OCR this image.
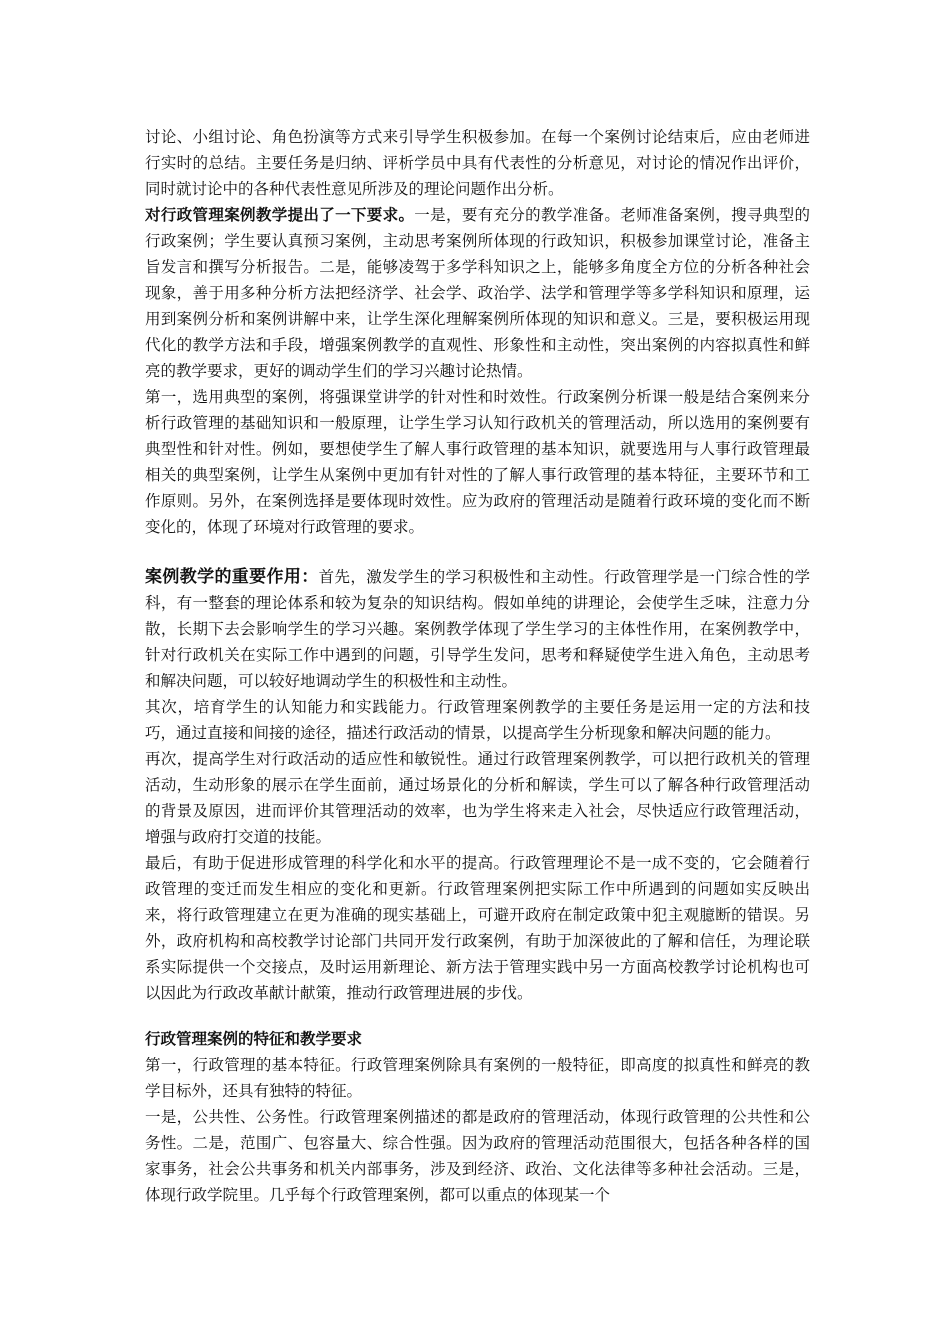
讨论、小组讨论、角色扮演等方式来引导学生积极参加。在每一个案例讨论结束后，应由老师进行实时的总结。主要任务是归纳、评析学员中具有代表性的分析意见，对讨论的情况作出评价，同时就讨论中的各种代表性意见所涉及的理论问题作出分析。

对行政管理案例教学提出了一下要求。一是，要有充分的教学准备。老师准备案例，搜寻典型的行政案例；学生要认真预习案例，主动思考案例所体现的行政知识，积极参加课堂讨论，准备主旨发言和撰写分析报告。二是，能够凌驾于多学科知识之上，能够多角度全方位的分析各种社会现象，善于用多种分析方法把经济学、社会学、政治学、法学和管理学等多学科知识和原理，运用到案例分析和案例讲解中来，让学生深化理解案例所体现的知识和意义。三是，要积极运用现代化的教学方法和手段，增强案例教学的直观性、形象性和主动性，突出案例的内容拟真性和鲜亮的教学要求，更好的调动学生们的学习兴趣讨论热情。

第一，选用典型的案例，将强课堂讲学的针对性和时效性。行政案例分析课一般是结合案例来分析行政管理的基础知识和一般原理，让学生学习认知行政机关的管理活动，所以选用的案例要有典型性和针对性。例如，要想使学生了解人事行政管理的基本知识，就要选用与人事行政管理最相关的典型案例，让学生从案例中更加有针对性的了解人事行政管理的基本特征，主要环节和工作原则。另外，在案例选择是要体现时效性。应为政府的管理活动是随着行政环境的变化而不断变化的，体现了环境对行政管理的要求。

案例教学的重要作用：首先，激发学生的学习积极性和主动性。行政管理学是一门综合性的学科，有一整套的理论体系和较为复杂的知识结构。假如单纯的讲理论，会使学生乏味，注意力分散，长期下去会影响学生的学习兴趣。案例教学体现了学生学习的主体性作用，在案例教学中，针对行政机关在实际工作中遇到的问题，引导学生发问，思考和释疑使学生进入角色，主动思考和解决问题，可以较好地调动学生的积极性和主动性。

其次，培育学生的认知能力和实践能力。行政管理案例教学的主要任务是运用一定的方法和技巧，通过直接和间接的途径，描述行政活动的情景，以提高学生分析现象和解决问题的能力。

再次，提高学生对行政活动的适应性和敏锐性。通过行政管理案例教学，可以把行政机关的管理活动，生动形象的展示在学生面前，通过场景化的分析和解读，学生可以了解各种行政管理活动的背景及原因，进而评价其管理活动的效率，也为学生将来走入社会，尽快适应行政管理活动，增强与政府打交道的技能。

最后，有助于促进形成管理的科学化和水平的提高。行政管理理论不是一成不变的，它会随着行政管理的变迁而发生相应的变化和更新。行政管理案例把实际工作中所遇到的问题如实反映出来，将行政管理建立在更为准确的现实基础上，可避开政府在制定政策中犯主观臆断的错误。另外，政府机构和高校教学讨论部门共同开发行政案例，有助于加深彼此的了解和信任，为理论联系实际提供一个交接点，及时运用新理论、新方法于管理实践中另一方面高校教学讨论机构也可以因此为行政改革献计献策，推动行政管理进展的步伐。

行政管理案例的特征和教学要求

第一，行政管理的基本特征。行政管理案例除具有案例的一般特征，即高度的拟真性和鲜亮的教学目标外，还具有独特的特征。

一是，公共性、公务性。行政管理案例描述的都是政府的管理活动，体现行政管理的公共性和公务性。二是，范围广、包容量大、综合性强。因为政府的管理活动范围很大，包括各种各样的国家事务，社会公共事务和机关内部事务，涉及到经济、政治、文化法律等多种社会活动。三是，体现行政学院里。几乎每个行政管理案例，都可以重点的体现某一个
